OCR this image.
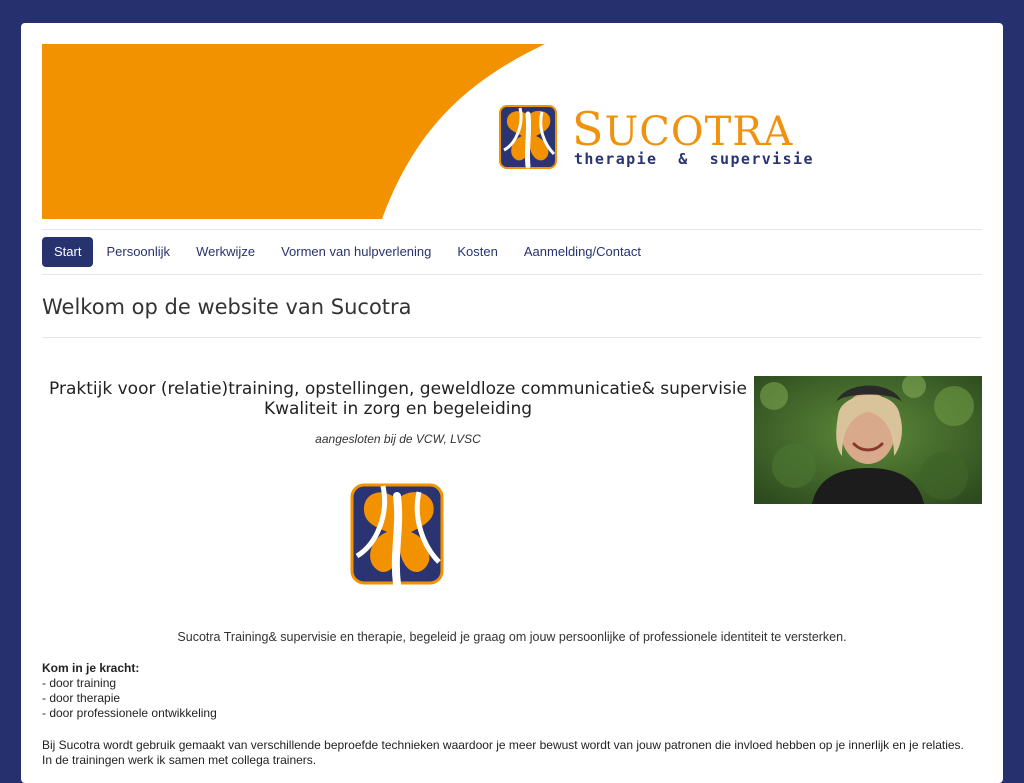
SUCOTRA
therapie  &  supervisie
Start	Persoonlijk	Werkwijze	Vormen van hulpverlening	Kosten	Aanmelding/Contact
Welkom op de website van Sucotra
Praktijk voor (relatie)training, opstellingen, geweldloze communicatie& supervisie
Kwaliteit in zorg en begeleiding
aangesloten bij de VCW, LVSC
Sucotra Training& supervisie en therapie, begeleid je graag om jouw persoonlijke of professionele identiteit te versterken.
Kom in je kracht:
- door training
- door therapie
- door professionele ontwikkeling
Bij Sucotra wordt gebruik gemaakt van verschillende beproefde technieken waardoor je meer bewust wordt van jouw patronen die invloed hebben op je innerlijk en je relaties.
In de trainingen werk ik samen met collega trainers.
